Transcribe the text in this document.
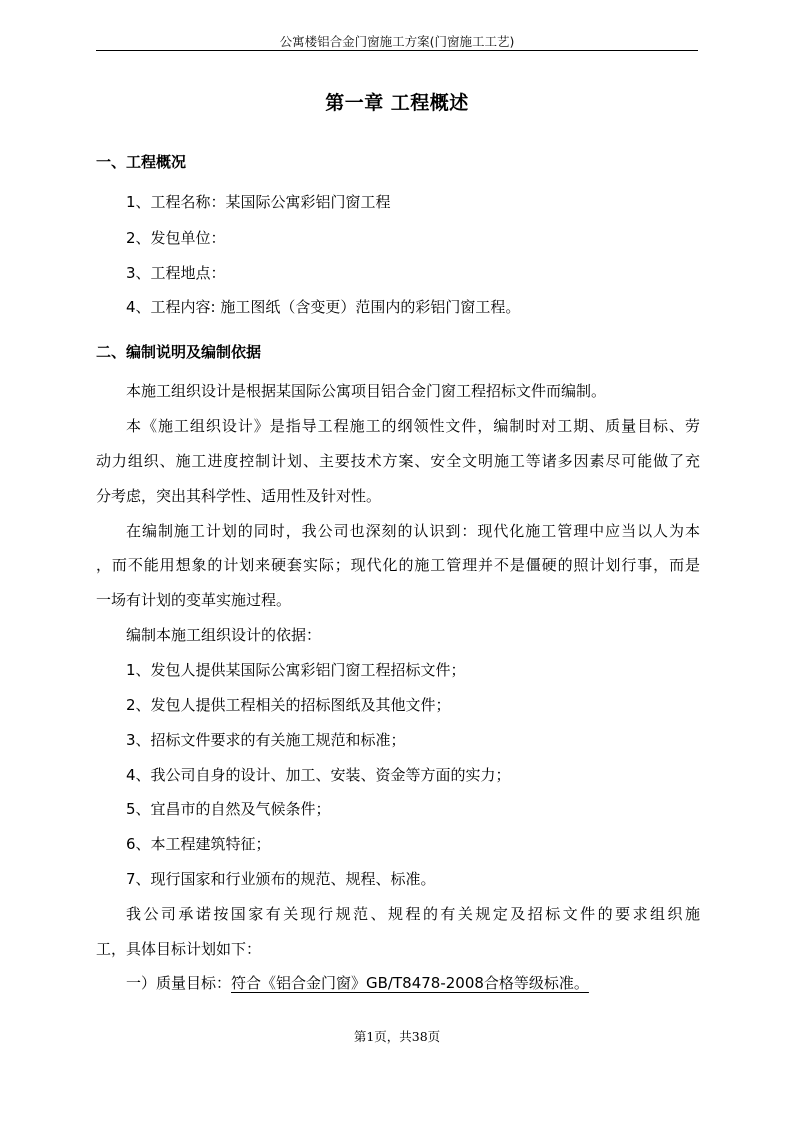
公寓楼铝合金门窗施工方案(门窗施工工艺)
第一章 工程概述
一、工程概况
1、工程名称：某国际公寓彩铝门窗工程
2、发包单位：
3、工程地点：
4、工程内容: 施工图纸（含变更）范围内的彩铝门窗工程。
二、编制说明及编制依据
本施工组织设计是根据某国际公寓项目铝合金门窗工程招标文件而编制。
本《施工组织设计》是指导工程施工的纲领性文件，编制时对工期、质量目标、劳
动力组织、施工进度控制计划、主要技术方案、安全文明施工等诸多因素尽可能做了充
分考虑，突出其科学性、适用性及针对性。
在编制施工计划的同时，我公司也深刻的认识到：现代化施工管理中应当以人为本
，而不能用想象的计划来硬套实际；现代化的施工管理并不是僵硬的照计划行事，而是
一场有计划的变革实施过程。
编制本施工组织设计的依据：
1、发包人提供某国际公寓彩铝门窗工程招标文件；
2、发包人提供工程相关的招标图纸及其他文件；
3、招标文件要求的有关施工规范和标准；
4、我公司自身的设计、加工、安装、资金等方面的实力；
5、宜昌市的自然及气候条件；
6、本工程建筑特征；
7、现行国家和行业颁布的规范、规程、标准。
我公司承诺按国家有关现行规范、规程的有关规定及招标文件的要求组织施
工，具体目标计划如下：
一）质量目标：符合《铝合金门窗》GB/T8478-2008合格等级标准。
第1页，共38页
